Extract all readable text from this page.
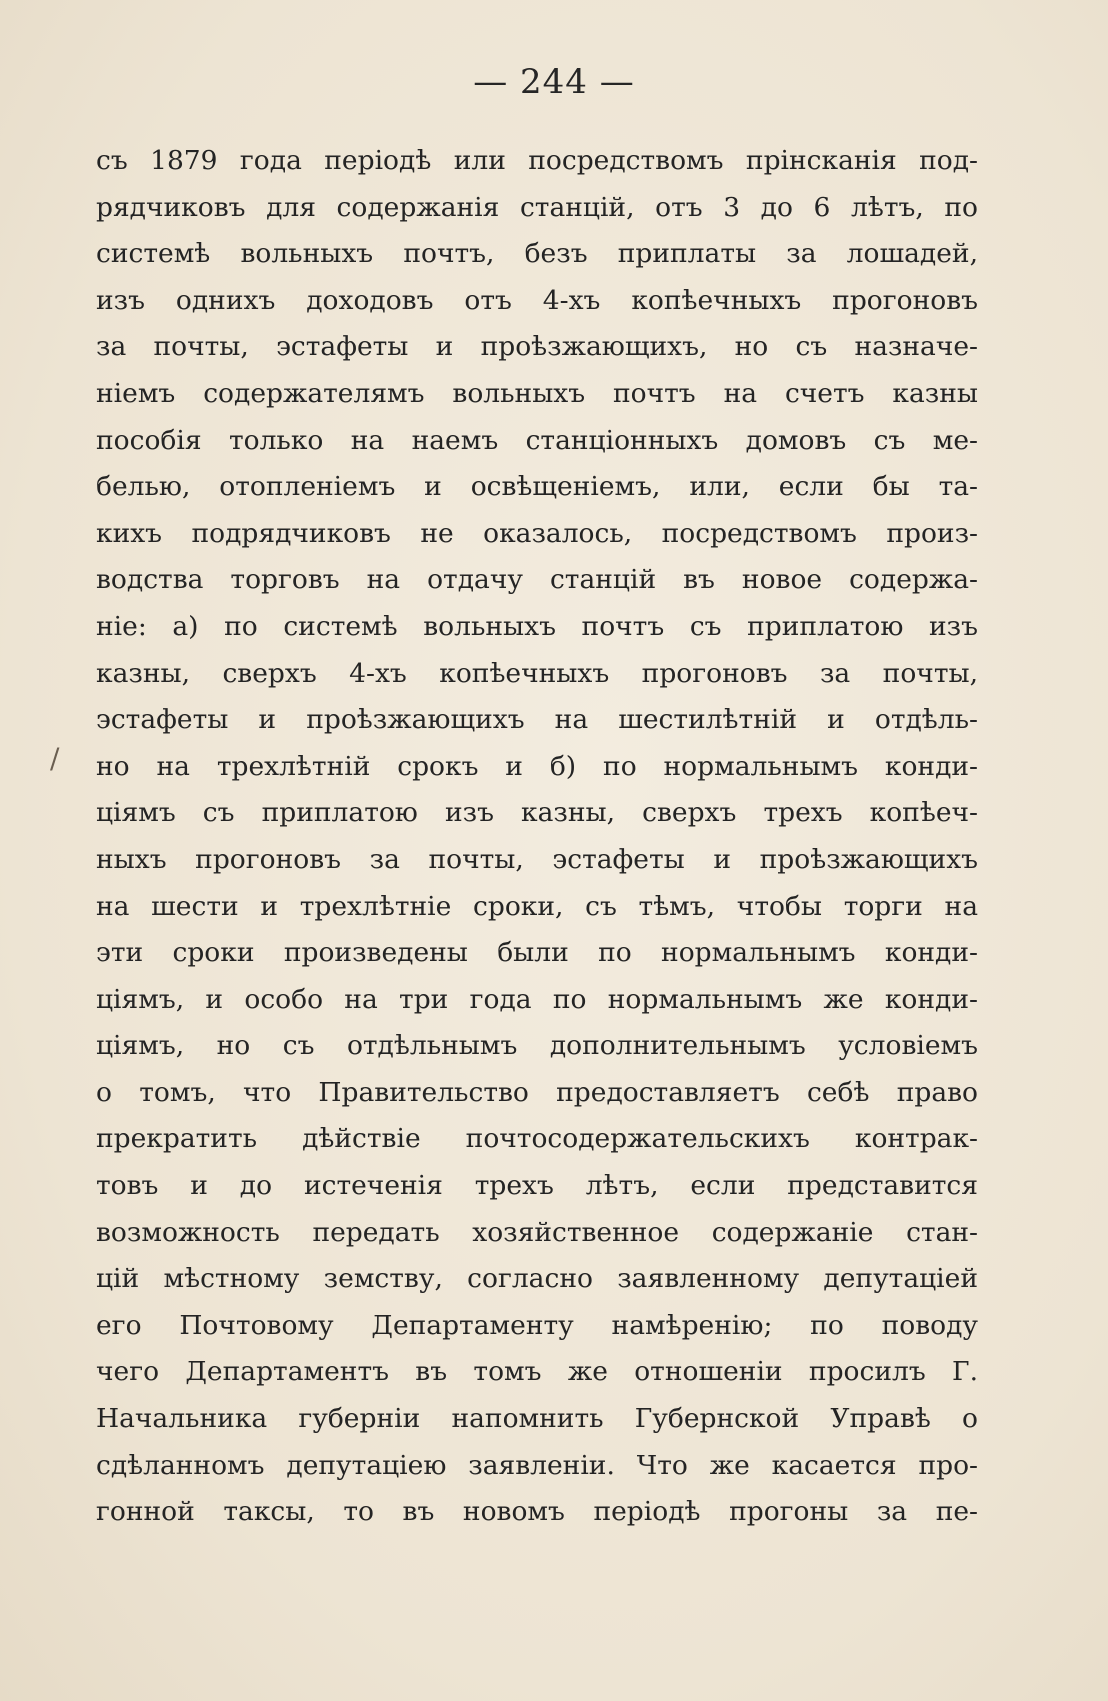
— 244 —
/
съ 1879 года періодѣ или посредствомъ прінсканія под-
рядчиковъ для содержанія станцій, отъ 3 до 6 лѣтъ, по
системѣ вольныхъ почтъ, безъ приплаты за лошадей,
изъ однихъ доходовъ отъ 4-хъ копѣечныхъ прогоновъ
за почты, эстафеты и проѣзжающихъ, но съ назначе-
ніемъ содержателямъ вольныхъ почтъ на счетъ казны
пособія только на наемъ станціонныхъ домовъ съ ме-
белью, отопленіемъ и освѣщеніемъ, или, если бы та-
кихъ подрядчиковъ не оказалось, посредствомъ произ-
водства торговъ на отдачу станцій въ новое содержа-
ніе: а) по системѣ вольныхъ почтъ съ приплатою изъ
казны, сверхъ 4-хъ копѣечныхъ прогоновъ за почты,
эстафеты и проѣзжающихъ на шестилѣтній и отдѣль-
но на трехлѣтній срокъ и б) по нормальнымъ конди-
ціямъ съ приплатою изъ казны, сверхъ трехъ копѣеч-
ныхъ прогоновъ за почты, эстафеты и проѣзжающихъ
на шести и трехлѣтніе сроки, съ тѣмъ, чтобы торги на
эти сроки произведены были по нормальнымъ конди-
ціямъ, и особо на три года по нормальнымъ же конди-
ціямъ, но съ отдѣльнымъ дополнительнымъ условіемъ
о томъ, что Правительство предоставляетъ себѣ право
прекратить дѣйствіе почтосодержательскихъ контрак-
товъ и до истеченія трехъ лѣтъ, если представится
возможность передать хозяйственное содержаніе стан-
цій мѣстному земству, согласно заявленному депутаціей
его Почтовому Департаменту намѣренію; по поводу
чего Департаментъ въ томъ же отношеніи просилъ Г.
Начальника губерніи напомнить Губернской Управѣ о
сдѣланномъ депутаціею заявленіи. Что же касается про-
гонной таксы, то въ новомъ періодѣ прогоны за пе-
